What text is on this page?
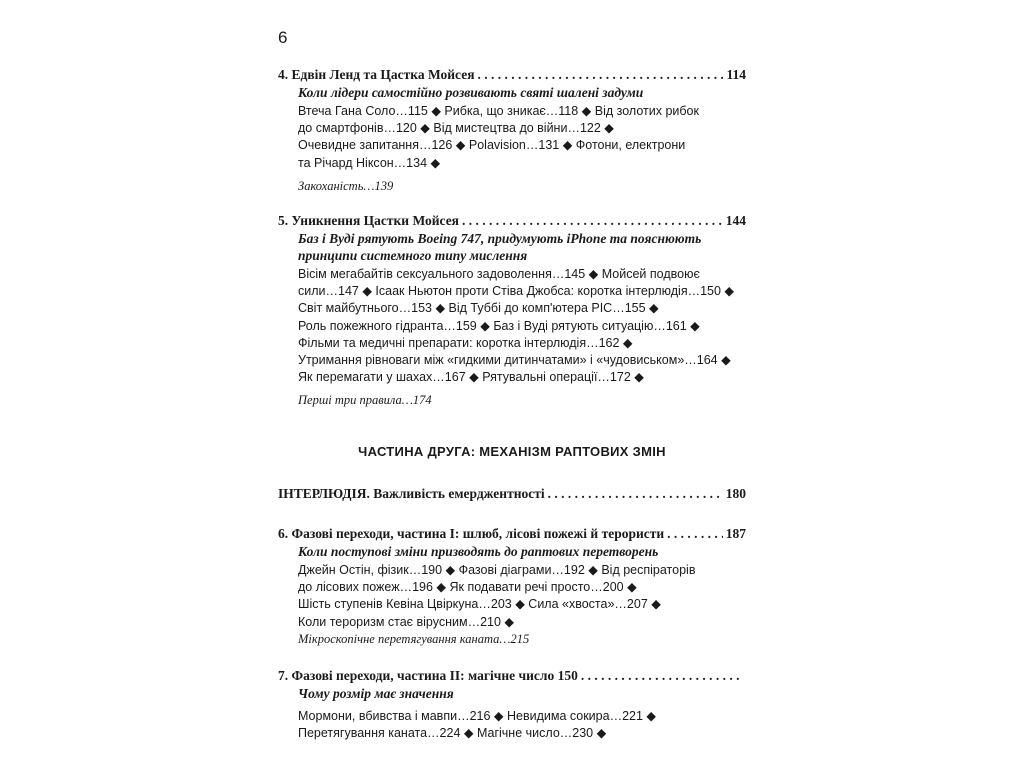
6
4. Едвін Ленд та Цастка Мойсея . . .	114
Коли лідери самостійно розвивають святі шалені задуми
Втеча Гана Соло…115 ◆ Рибка, що зникає…118 ◆ Від золотих рибок
до смартфонів…120 ◆ Від мистецтва до війни…122 ◆
Очевидне запитання…126 ◆ Polavision…131 ◆ Фотони, електрони
та Річард Ніксон…134 ◆
Закоханість…139
5. Уникнення Цастки Мойсея . . .	144
Баз і Вуді рятують Boeing 747, придумують iPhone та пояснюють принципи системного типу мислення
Вісім мегабайтів сексуального задоволення…145 ◆ Мойсей подвоює
сили…147 ◆ Ісаак Ньютон проти Стіва Джобса: коротка інтерлюдія…150 ◆
Світ майбутнього…153 ◆ Від Туббі до комп'ютера PIC…155 ◆
Роль пожежного гідранта…159 ◆ Баз і Вуді рятують ситуацію…161 ◆
Фільми та медичні препарати: коротка інтерлюдія…162 ◆
Утримання рівноваги між «гидкими дитинчатами» і «чудовиськом»…164 ◆
Як перемагати у шахах…167 ◆ Рятувальні операції…172 ◆
Перші три правила…174
ЧАСТИНА ДРУГА: МЕХАНІЗМ РАПТОВИХ ЗМІН
ІНТЕРЛЮДІЯ. Важливість емерджентності . . .	180
6. Фазові переходи, частина I: шлюб, лісові пожежі й терористи . . .	187
Коли поступові зміни призводять до раптових перетворень
Джейн Остін, фізик…190 ◆ Фазові діаграми…192 ◆ Від респіраторів
до лісових пожеж…196 ◆ Як подавати речі просто…200 ◆
Шість ступенів Кевіна Цвіркуна…203 ◆ Сила «хвоста»…207 ◆
Коли тероризм стає вірусним…210 ◆
Мікроскопічне перетягування каната…215
7. Фазові переходи, частина II: магічне число 150
. . .
Чому розмір має значення
Мормони, вбивства і мавпи…216 ◆ Невидима сокира…221 ◆
Перетягування каната…224 ◆ Магічне число…230 ◆
